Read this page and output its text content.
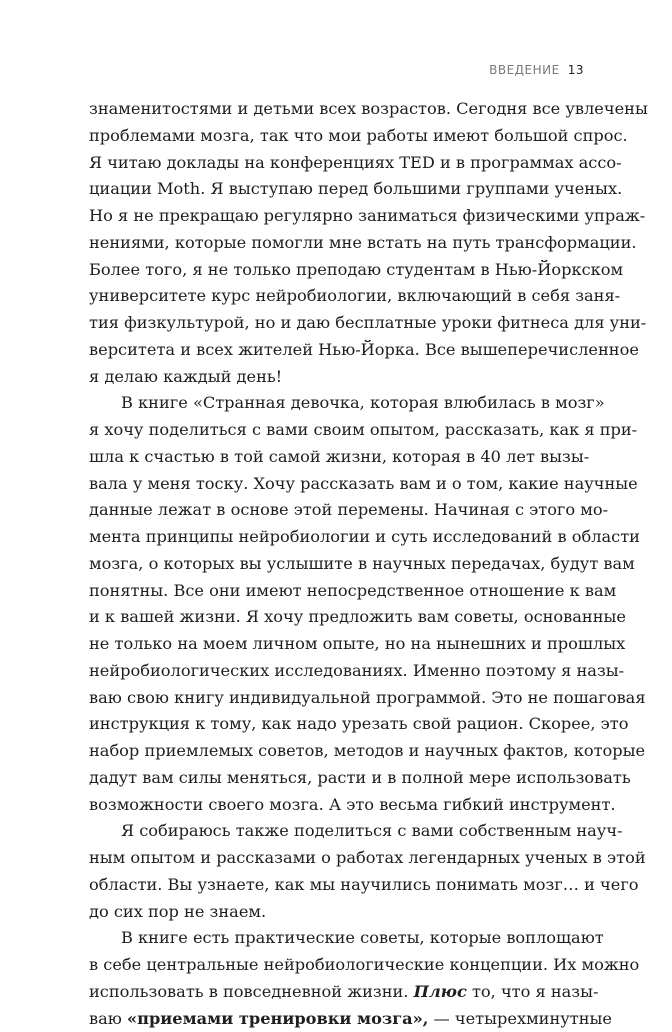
ВВЕДЕНИЕ 13
знаменитостями и детьми всех возрастов. Сегодня все увлечены
проблемами мозга, так что мои работы имеют большой спрос.
Я читаю доклады на конференциях TED и в программах ассо-
циации Moth. Я выступаю перед большими группами ученых.
Но я не прекращаю регулярно заниматься физическими упраж-
нениями, которые помогли мне встать на путь трансформации.
Более того, я не только преподаю студентам в Нью-Йоркском
университете курс нейробиологии, включающий в себя заня-
тия физкультурой, но и даю бесплатные уроки фитнеса для уни-
верситета и всех жителей Нью-Йорка. Все вышеперечисленное
я делаю каждый день!
В книге «Странная девочка, которая влюбилась в мозг»
я хочу поделиться с вами своим опытом, рассказать, как я при-
шла к счастью в той самой жизни, которая в 40 лет вызы-
вала у меня тоску. Хочу рассказать вам и о том, какие научные
данные лежат в основе этой перемены. Начиная с этого мо-
мента принципы нейробиологии и суть исследований в области
мозга, о которых вы услышите в научных передачах, будут вам
понятны. Все они имеют непосредственное отношение к вам
и к вашей жизни. Я хочу предложить вам советы, основанные
не только на моем личном опыте, но на нынешних и прошлых
нейробиологических исследованиях. Именно поэтому я назы-
ваю свою книгу индивидуальной программой. Это не пошаговая
инструкция к тому, как надо урезать свой рацион. Скорее, это
набор приемлемых советов, методов и научных фактов, которые
дадут вам силы меняться, расти и в полной мере использовать
возможности своего мозга. А это весьма гибкий инструмент.
Я собираюсь также поделиться с вами собственным науч-
ным опытом и рассказами о работах легендарных ученых в этой
области. Вы узнаете, как мы научились понимать мозг… и чего
до сих пор не знаем.
В книге есть практические советы, которые воплощают
в себе центральные нейробиологические концепции. Их можно
использовать в повседневной жизни. Плюс то, что я назы-
ваю «приемами тренировки мозга», — четырехминутные
